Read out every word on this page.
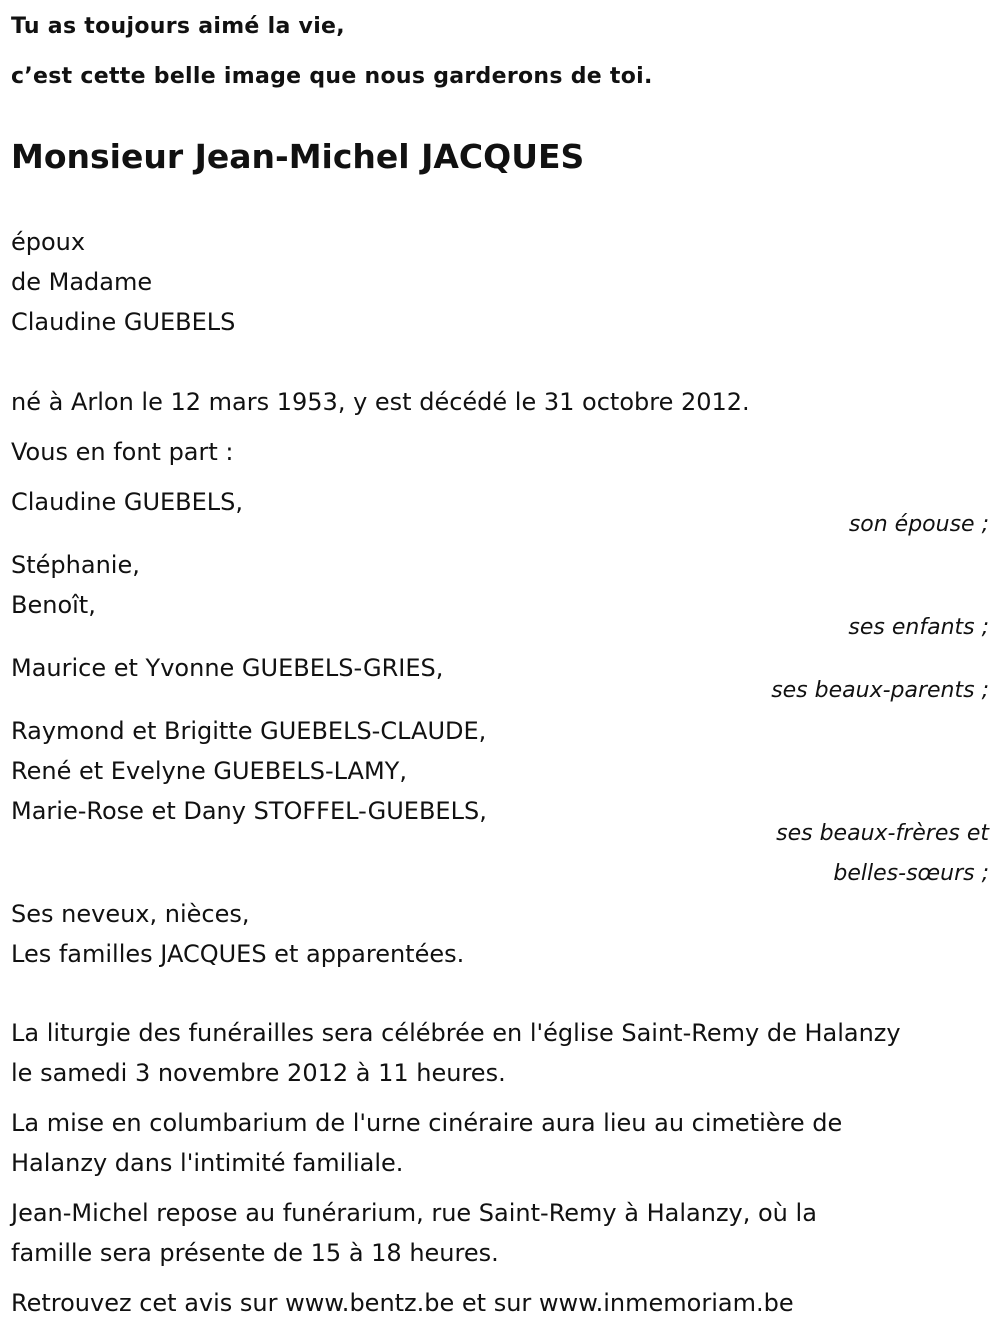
Tu as toujours aimé la vie,
c’est cette belle image que nous garderons de toi.
Monsieur Jean-Michel JACQUES
époux
de Madame
Claudine GUEBELS
né à Arlon le 12 mars 1953, y est décédé le 31 octobre 2012.
Vous en font part :
Claudine GUEBELS,
son épouse ;
Stéphanie,
Benoît,
ses enfants ;
Maurice et Yvonne GUEBELS-GRIES,
ses beaux-parents ;
Raymond et Brigitte GUEBELS-CLAUDE,
René et Evelyne GUEBELS-LAMY,
Marie-Rose et Dany STOFFEL-GUEBELS,
ses beaux-frères et
belles-sœurs ;
Ses neveux, nièces,
Les familles JACQUES et apparentées.
La liturgie des funérailles sera célébrée en l'église Saint-Remy de Halanzy
le samedi 3 novembre 2012 à 11 heures.
La mise en columbarium de l'urne cinéraire aura lieu au cimetière de
Halanzy dans l'intimité familiale.
Jean-Michel repose au funérarium, rue Saint-Remy à Halanzy, où la
famille sera présente de 15 à 18 heures.
Retrouvez cet avis sur www.bentz.be et sur www.inmemoriam.be
